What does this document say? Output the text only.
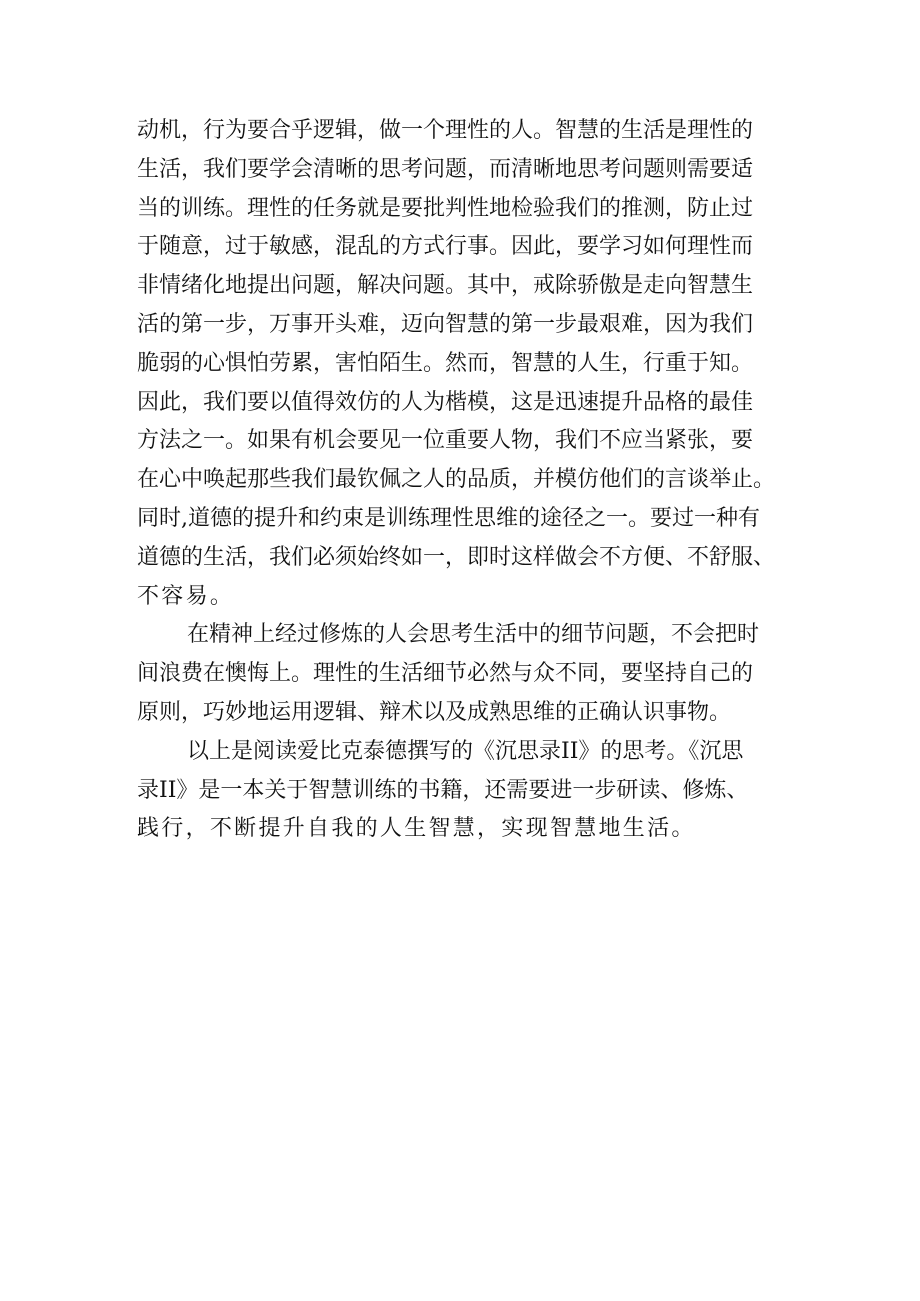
动机，行为要合乎逻辑，做一个理性的人。智慧的生活是理性的
生活，我们要学会清晰的思考问题，而清晰地思考问题则需要适
当的训练。理性的任务就是要批判性地检验我们的推测，防止过
于随意，过于敏感，混乱的方式行事。因此，要学习如何理性而
非情绪化地提出问题，解决问题。其中，戒除骄傲是走向智慧生
活的第一步，万事开头难，迈向智慧的第一步最艰难，因为我们
脆弱的心惧怕劳累，害怕陌生。然而，智慧的人生，行重于知。
因此，我们要以值得效仿的人为楷模，这是迅速提升品格的最佳
方法之一。如果有机会要见一位重要人物，我们不应当紧张，要
在心中唤起那些我们最钦佩之人的品质，并模仿他们的言谈举止。
同时,道德的提升和约束是训练理性思维的途径之一。要过一种有
道德的生活，我们必须始终如一，即时这样做会不方便、不舒服、
不容易。
在精神上经过修炼的人会思考生活中的细节问题，不会把时
间浪费在懊悔上。理性的生活细节必然与众不同，要坚持自己的
原则，巧妙地运用逻辑、辩术以及成熟思维的正确认识事物。
以上是阅读爱比克泰德撰写的《沉思录II》的思考。《沉思
录II》是一本关于智慧训练的书籍，还需要进一步研读、修炼、
践行，不断提升自我的人生智慧，实现智慧地生活。
